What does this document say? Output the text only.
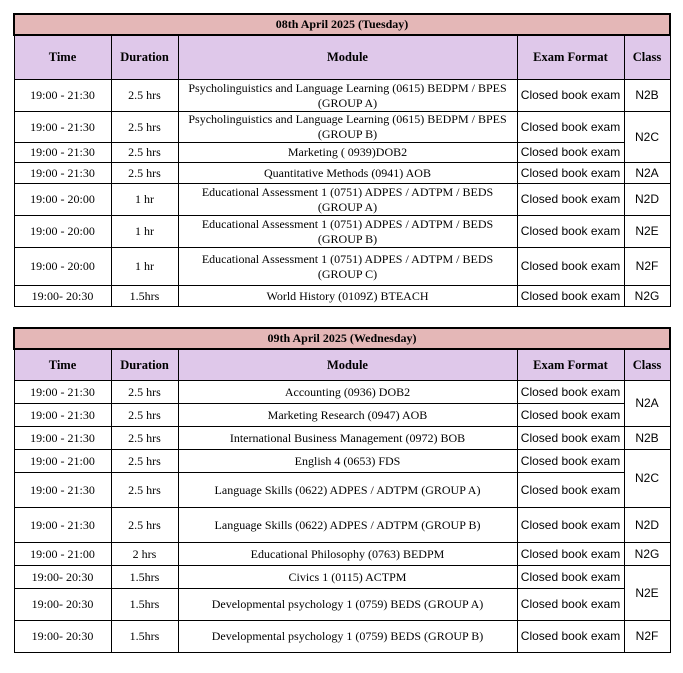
08th April 2025 (Tuesday)				
Time	Duration	Module	Exam Format	Class
19:00 - 21:30	2.5 hrs	Psycholinguistics and Language Learning (0615) BEDPM / BPES (GROUP A)	Closed book exam	N2B
19:00 - 21:30	2.5 hrs	Psycholinguistics and Language Learning (0615) BEDPM / BPES (GROUP B)	Closed book exam	N2C
19:00 - 21:30	2.5 hrs	Marketing ( 0939)DOB2	Closed book exam	
19:00 - 21:30	2.5 hrs	Quantitative Methods (0941) AOB	Closed book exam	N2A
19:00 - 20:00	1 hr	Educational Assessment 1 (0751) ADPES / ADTPM / BEDS (GROUP A)	Closed book exam	N2D
19:00 - 20:00	1 hr	Educational Assessment 1 (0751) ADPES / ADTPM / BEDS (GROUP B)	Closed book exam	N2E
19:00 - 20:00	1 hr	Educational Assessment 1 (0751) ADPES / ADTPM / BEDS (GROUP C)	Closed book exam	N2F
19:00- 20:30	1.5hrs	World History (0109Z) BTEACH	Closed book exam	N2G
09th April 2025 (Wednesday)				
Time	Duration	Module	Exam Format	Class
19:00 - 21:30	2.5 hrs	Accounting (0936) DOB2	Closed book exam	N2A
19:00 - 21:30	2.5 hrs	Marketing Research (0947) AOB	Closed book exam	
19:00 - 21:30	2.5 hrs	International Business Management (0972) BOB	Closed book exam	N2B
19:00 - 21:00	2.5 hrs	English 4 (0653) FDS	Closed book exam	N2C
19:00 - 21:30	2.5 hrs	Language Skills (0622) ADPES / ADTPM (GROUP A)	Closed book exam	
19:00 - 21:30	2.5 hrs	Language Skills (0622) ADPES / ADTPM (GROUP B)	Closed book exam	N2D
19:00 - 21:00	2 hrs	Educational Philosophy (0763) BEDPM	Closed book exam	N2G
19:00- 20:30	1.5hrs	Civics 1 (0115) ACTPM	Closed book exam	N2E
19:00- 20:30	1.5hrs	Developmental psychology 1 (0759) BEDS (GROUP A)	Closed book exam	
19:00- 20:30	1.5hrs	Developmental psychology 1 (0759) BEDS (GROUP B)	Closed book exam	N2F
